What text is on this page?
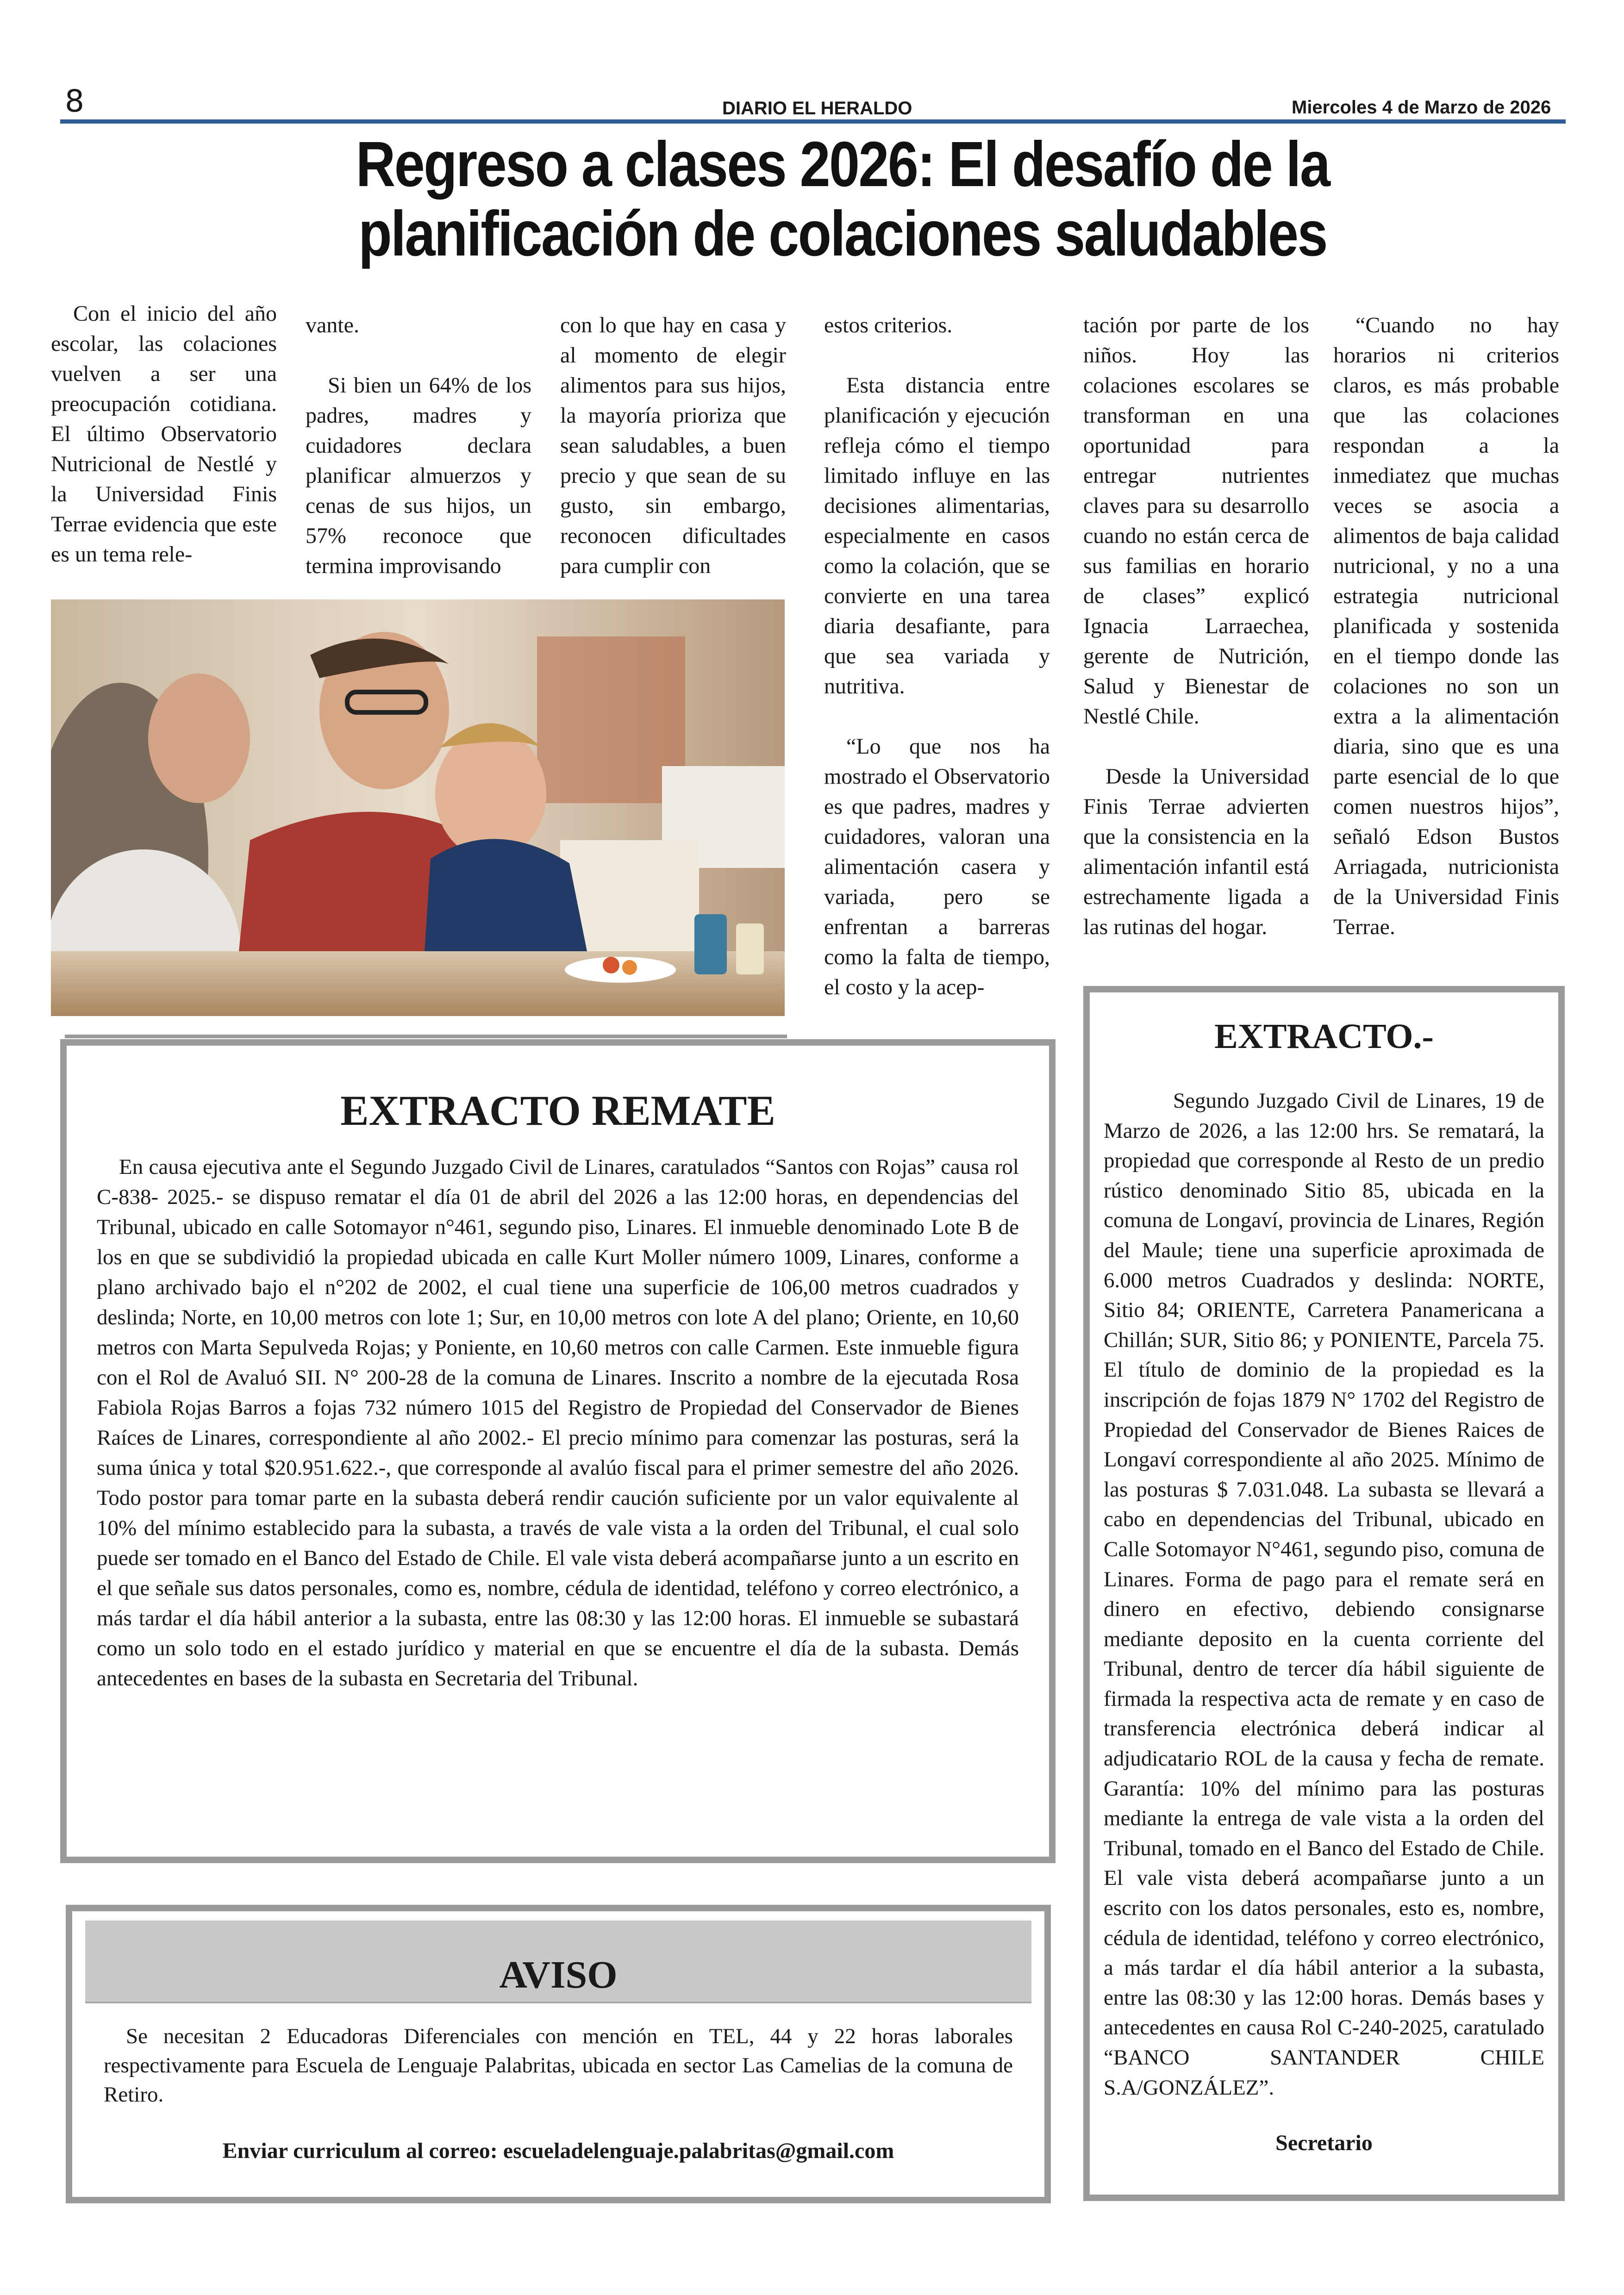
8	DIARIO EL HERALDO	Miercoles 4 de Marzo de 2026
Regreso a clases 2026: El desafío de la
planificación de colaciones saludables

Con el inicio del año escolar, las colaciones vuelven a ser una preocupación cotidiana. El último Observatorio Nutricional de Nestlé y la Universidad Finis Terrae evidencia que este es un tema rele-

vante.

Si bien un 64% de los padres, madres y cuidadores declara planificar almuerzos y cenas de sus hijos, un 57% reconoce que termina improvisando

con lo que hay en casa y al momento de elegir alimentos para sus hijos, la mayoría prioriza que sean saludables, a buen precio y que sean de su gusto, sin embargo, reconocen dificultades para cumplir con

estos criterios.

Esta distancia entre planificación y ejecución refleja cómo el tiempo limitado influye en las decisiones alimentarias, especialmente en casos como la colación, que se convierte en una tarea diaria desafiante, para que sea variada y nutritiva.

“Lo que nos ha mostrado el Observatorio es que padres, madres y cuidadores, valoran una alimentación casera y variada, pero se enfrentan a barreras como la falta de tiempo, el costo y la acep-

tación por parte de los niños. Hoy las colaciones escolares se transforman en una oportunidad para entregar nutrientes claves para su desarrollo cuando no están cerca de sus familias en horario de clases” explicó Ignacia Larraechea, gerente de Nutrición, Salud y Bienestar de Nestlé Chile.

Desde la Universidad Finis Terrae advierten que la consistencia en la alimentación infantil está estrechamente ligada a las rutinas del hogar.

“Cuando no hay horarios ni criterios claros, es más probable que las colaciones respondan a la inmediatez que muchas veces se asocia a alimentos de baja calidad nutricional, y no a una estrategia nutricional planificada y sostenida en el tiempo donde las colaciones no son un extra a la alimentación diaria, sino que es una parte esencial de lo que comen nuestros hijos”, señaló Edson Bustos Arriagada, nutricionista de la Universidad Finis Terrae.

EXTRACTO REMATE
En causa ejecutiva ante el Segundo Juzgado Civil de Linares, caratulados “Santos con Rojas” causa rol C-838- 2025.- se dispuso rematar el día 01 de abril del 2026 a las 12:00 horas, en dependencias del Tribunal, ubicado en calle Sotomayor n°461, segundo piso, Linares. El inmueble denominado Lote B de los en que se subdividió la propiedad ubicada en calle Kurt Moller número 1009, Linares, conforme a plano archivado bajo el n°202 de 2002, el cual tiene una superficie de 106,00 metros cuadrados y deslinda; Norte, en 10,00 metros con lote 1; Sur, en 10,00 metros con lote A del plano; Oriente, en 10,60 metros con Marta Sepulveda Rojas; y Poniente, en 10,60 metros con calle Carmen. Este inmueble figura con el Rol de Avaluó SII. N° 200-28 de la comuna de Linares. Inscrito a nombre de la ejecutada Rosa Fabiola Rojas Barros a fojas 732 número 1015 del Registro de Propiedad del Conservador de Bienes Raíces de Linares, correspondiente al año 2002.- El precio mínimo para comenzar las posturas, será la suma única y total $20.951.622.-, que corresponde al avalúo fiscal para el primer semestre del año 2026. Todo postor para tomar parte en la subasta deberá rendir caución suficiente por un valor equivalente al 10% del mínimo establecido para la subasta, a través de vale vista a la orden del Tribunal, el cual solo puede ser tomado en el Banco del Estado de Chile. El vale vista deberá acompañarse junto a un escrito en el que señale sus datos personales, como es, nombre, cédula de identidad, teléfono y correo electrónico, a más tardar el día hábil anterior a la subasta, entre las 08:30 y las 12:00 horas. El inmueble se subastará como un solo todo en el estado jurídico y material en que se encuentre el día de la subasta. Demás antecedentes en bases de la subasta en Secretaria del Tribunal.
AVISO
Se necesitan 2 Educadoras Diferenciales con mención en TEL, 44 y 22 horas laborales respectivamente para Escuela de Lenguaje Palabritas, ubicada en sector Las Camelias de la comuna de Retiro.
Enviar curriculum al correo: escueladelenguaje.palabritas@gmail.com
EXTRACTO.-
Segundo Juzgado Civil de Linares, 19 de Marzo de 2026, a las 12:00 hrs. Se rematará, la propiedad que corresponde al Resto de un predio rústico denominado Sitio 85, ubicada en la comuna de Longaví, provincia de Linares, Región del Maule; tiene una superficie aproximada de 6.000 metros Cuadrados y deslinda: NORTE, Sitio 84; ORIENTE, Carretera Panamericana a Chillán; SUR, Sitio 86; y PONIENTE, Parcela 75. El título de dominio de la propiedad es la inscripción de fojas 1879 N° 1702 del Registro de Propiedad del Conservador de Bienes Raices de Longaví correspondiente al año 2025. Mínimo de las posturas $ 7.031.048. La subasta se llevará a cabo en dependencias del Tribunal, ubicado en Calle Sotomayor N°461, segundo piso, comuna de Linares. Forma de pago para el remate será en dinero en efectivo, debiendo consignarse mediante deposito en la cuenta corriente del Tribunal, dentro de tercer día hábil siguiente de firmada la respectiva acta de remate y en caso de transferencia electrónica deberá indicar al adjudicatario ROL de la causa y fecha de remate. Garantía: 10% del mínimo para las posturas mediante la entrega de vale vista a la orden del Tribunal, tomado en el Banco del Estado de Chile. El vale vista deberá acompañarse junto a un escrito con los datos personales, esto es, nombre, cédula de identidad, teléfono y correo electrónico, a más tardar el día hábil anterior a la subasta, entre las 08:30 y las 12:00 horas. Demás bases y antecedentes en causa Rol C-240-2025, caratulado “BANCO SANTANDER CHILE S.A/GONZÁLEZ”.
Secretario
